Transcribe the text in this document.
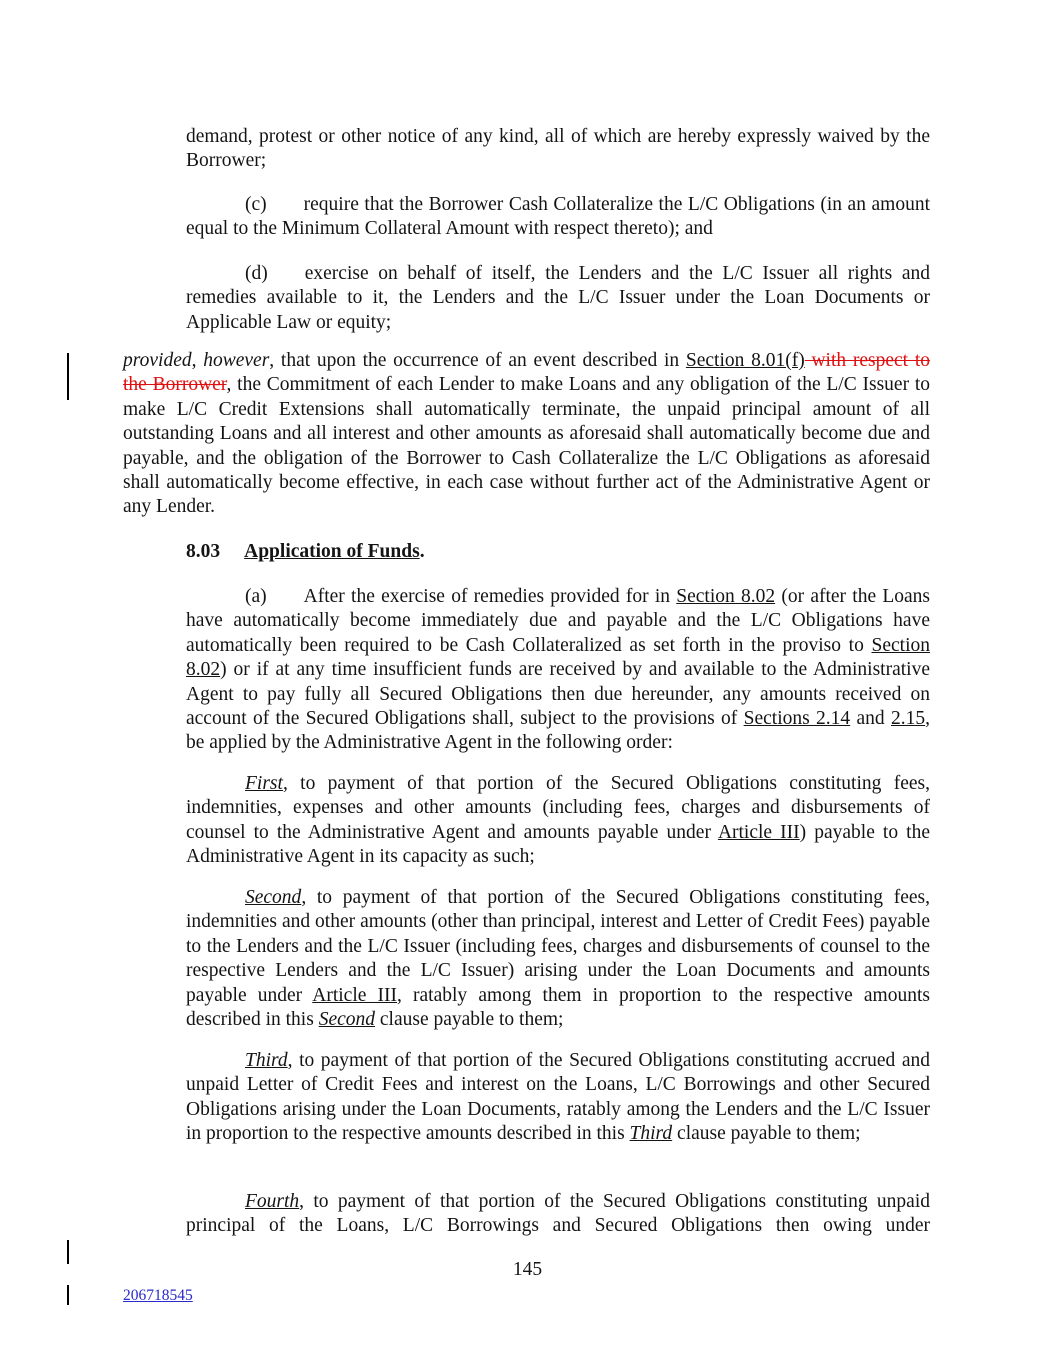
demand, protest or other notice of any kind, all of which are hereby expressly waived by the Borrower;

(c) require that the Borrower Cash Collateralize the L/C Obligations (in an amount equal to the Minimum Collateral Amount with respect thereto); and

(d) exercise on behalf of itself, the Lenders and the L/C Issuer all rights and remedies available to it, the Lenders and the L/C Issuer under the Loan Documents or Applicable Law or equity;

provided, however, that upon the occurrence of an event described in Section 8.01(f) with respect to the Borrower, the Commitment of each Lender to make Loans and any obligation of the L/C Issuer to make L/C Credit Extensions shall automatically terminate, the unpaid principal amount of all outstanding Loans and all interest and other amounts as aforesaid shall automatically become due and payable, and the obligation of the Borrower to Cash Collateralize the L/C Obligations as aforesaid shall automatically become effective, in each case without further act of the Administrative Agent or any Lender.

8.03 Application of Funds.

(a) After the exercise of remedies provided for in Section 8.02 (or after the Loans have automatically become immediately due and payable and the L/C Obligations have automatically been required to be Cash Collateralized as set forth in the proviso to Section 8.02) or if at any time insufficient funds are received by and available to the Administrative Agent to pay fully all Secured Obligations then due hereunder, any amounts received on account of the Secured Obligations shall, subject to the provisions of Sections 2.14 and 2.15, be applied by the Administrative Agent in the following order:

First, to payment of that portion of the Secured Obligations constituting fees, indemnities, expenses and other amounts (including fees, charges and disbursements of counsel to the Administrative Agent and amounts payable under Article III) payable to the Administrative Agent in its capacity as such;

Second, to payment of that portion of the Secured Obligations constituting fees, indemnities and other amounts (other than principal, interest and Letter of Credit Fees) payable to the Lenders and the L/C Issuer (including fees, charges and disbursements of counsel to the respective Lenders and the L/C Issuer) arising under the Loan Documents and amounts payable under Article III, ratably among them in proportion to the respective amounts described in this Second clause payable to them;

Third, to payment of that portion of the Secured Obligations constituting accrued and unpaid Letter of Credit Fees and interest on the Loans, L/C Borrowings and other Secured Obligations arising under the Loan Documents, ratably among the Lenders and the L/C Issuer in proportion to the respective amounts described in this Third clause payable to them;

Fourth, to payment of that portion of the Secured Obligations constituting unpaid principal of the Loans, L/C Borrowings and Secured Obligations then owing under

145
206718545
